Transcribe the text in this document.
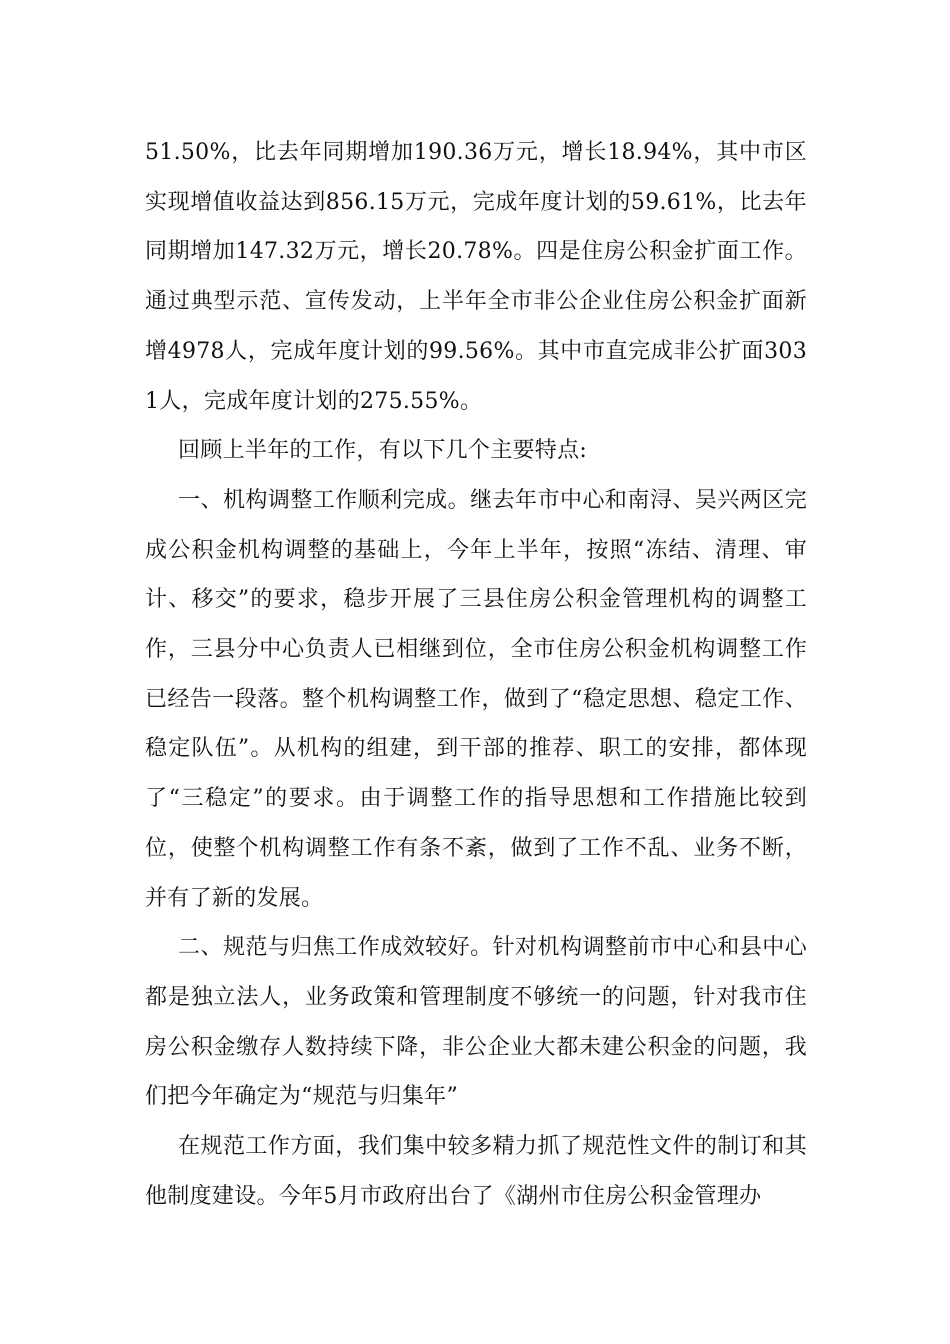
51.50%，比去年同期增加190.36万元，增长18.94%，其中市区实现增值收益达到856.15万元，完成年度计划的59.61%，比去年同期增加147.32万元，增长20.78%。四是住房公积金扩面工作。通过典型示范、宣传发动，上半年全市非公企业住房公积金扩面新增4978人，完成年度计划的99.56%。其中市直完成非公扩面3031人，完成年度计划的275.55%。

回顾上半年的工作，有以下几个主要特点:

一、机构调整工作顺利完成。继去年市中心和南浔、吴兴两区完成公积金机构调整的基础上，今年上半年，按照“冻结、清理、审计、移交”的要求，稳步开展了三县住房公积金管理机构的调整工作，三县分中心负责人已相继到位，全市住房公积金机构调整工作已经告一段落。整个机构调整工作，做到了“稳定思想、稳定工作、稳定队伍”。从机构的组建，到干部的推荐、职工的安排，都体现了“三稳定”的要求。由于调整工作的指导思想和工作措施比较到位，使整个机构调整工作有条不紊，做到了工作不乱、业务不断，并有了新的发展。

二、规范与归焦工作成效较好。针对机构调整前市中心和县中心都是独立法人，业务政策和管理制度不够统一的问题，针对我市住房公积金缴存人数持续下降，非公企业大都未建公积金的问题，我们把今年确定为“规范与归集年”

在规范工作方面，我们集中较多精力抓了规范性文件的制订和其他制度建设。今年5月市政府出台了《湖州市住房公积金管理办
